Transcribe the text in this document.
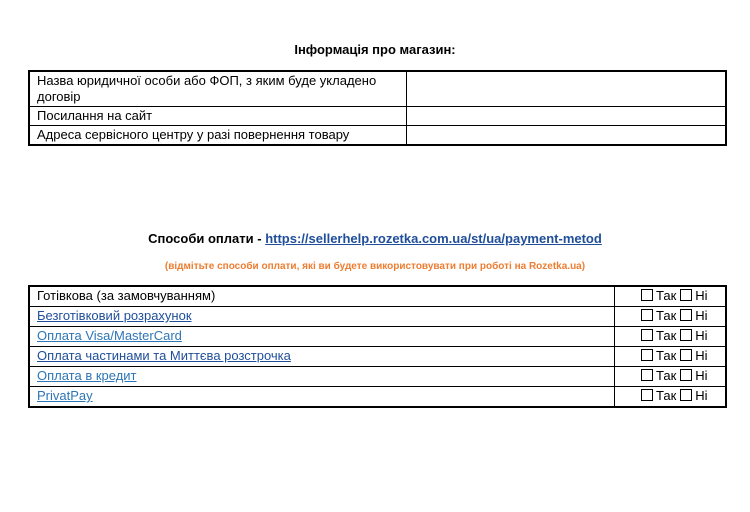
Інформація про магазин:
Назва юридичної особи або ФОП, з яким буде укладено договір	
Посилання на сайт	
Адреса сервісного центру у разі повернення товару	
Способи оплати - https://sellerhelp.rozetka.com.ua/st/ua/payment-metod
(відмітьте способи оплати, які ви будете використовувати при роботі на Rozetka.ua)
Готівкова (за замовчуванням)	Так Ні
Безготівковий розрахунок	Так Ні
Оплата Visa/MasterCard	Так Ні
Оплата частинами та Миттєва розстрочка	Так Ні
Оплата в кредит	Так Ні
PrivatPay	Так Ні
